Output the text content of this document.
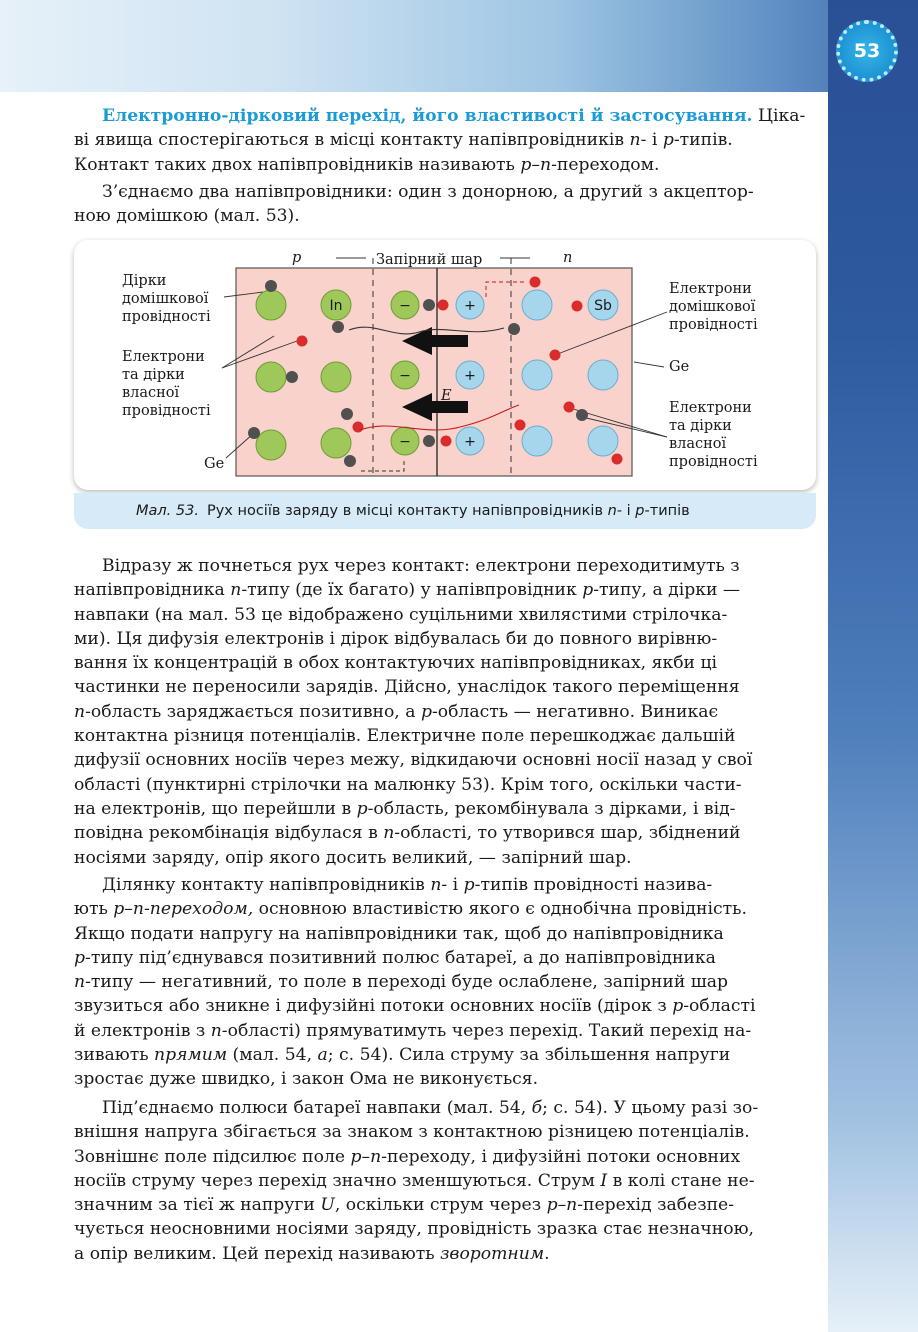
53
Електронно-дірковий перехід, його властивості й застосування. Ціка-
ві явища спостерігаються в місці контакту напівпровідників n- і p-типів.
Контакт таких двох напівпровідників називають p–n-переходом.
З’єднаємо два напівпровідники: один з донорною, а другий з акцептор-
ною домішкою (мал. 53).
p	n
Запірний шар
Дірки домішкової провідності
Електрони та дірки власної провідності
Ge
Електрони домішкової провідності
Ge
Електрони та дірки власної провідності
In	Sb
−
−
−
+
+
+
E
Мал. 53. Рух носіїв заряду в місці контакту напівпровідників n- і p-типів
Відразу ж почнеться рух через контакт: електрони переходитимуть з
напівпровідника n-типу (де їх багато) у напівпровідник p-типу, а дірки —
навпаки (на мал. 53 це відображено суцільними хвилястими стрілочка-
ми). Ця дифузія електронів і дірок відбувалась би до повного вирівню-
вання їх концентрацій в обох контактуючих напівпровідниках, якби ці
частинки не переносили зарядів. Дійсно, унаслідок такого переміщення
n-область заряджається позитивно, а p-область — негативно. Виникає
контактна різниця потенціалів. Електричне поле перешкоджає дальшій
дифузії основних носіїв через межу, відкидаючи основні носії назад у свої
області (пунктирні стрілочки на малюнку 53). Крім того, оскільки части-
на електронів, що перейшли в p-область, рекомбінувала з дірками, і від-
повідна рекомбінація відбулася в n-області, то утворився шар, збіднений
носіями заряду, опір якого досить великий, — запірний шар.
Ділянку контакту напівпровідників n- і p-типів провідності назива-
ють p–n-переходом, основною властивістю якого є однобічна провідність.
Якщо подати напругу на напівпровідники так, щоб до напівпровідника
p-типу під’єднувався позитивний полюс батареї, а до напівпровідника
n-типу — негативний, то поле в переході буде ослаблене, запірний шар
звузиться або зникне і дифузійні потоки основних носіїв (дірок з p-області
й електронів з n-області) прямуватимуть через перехід. Такий перехід на-
зивають прямим (мал. 54, а; с. 54). Сила струму за збільшення напруги
зростає дуже швидко, і закон Ома не виконується.
Під’єднаємо полюси батареї навпаки (мал. 54, б; с. 54). У цьому разі зо-
внішня напруга збігається за знаком з контактною різницею потенціалів.
Зовнішнє поле підсилює поле p–n-переходу, і дифузійні потоки основних
носіїв струму через перехід значно зменшуються. Струм I в колі стане не-
значним за тієї ж напруги U, оскільки струм через p–n-перехід забезпе-
чується неосновними носіями заряду, провідність зразка стає незначною,
а опір великим. Цей перехід називають зворотним.
